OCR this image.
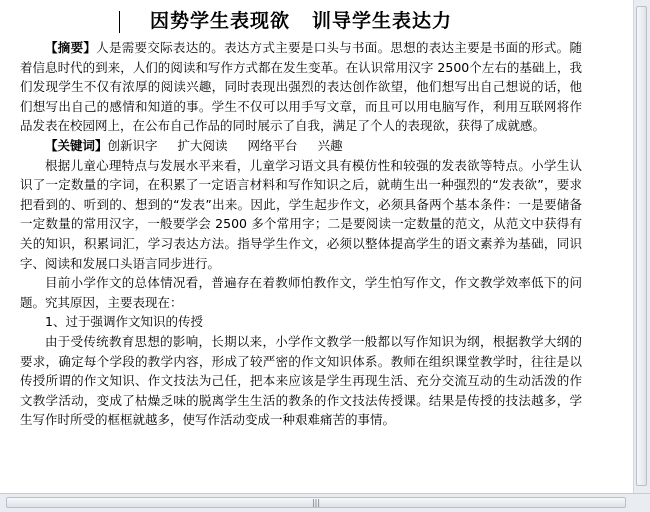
因势学生表现欲 训导学生表达力

【摘要】人是需要交际表达的。表达方式主要是口头与书面。思想的表达主要是书面的形式。随着信息时代的到来，人们的阅读和写作方式都在发生变革。在认识常用汉字 2500个左右的基础上，我们发现学生不仅有浓厚的阅读兴趣，同时表现出强烈的表达创作欲望，他们想写出自己想说的话，他们想写出自己的感情和知道的事。学生不仅可以用手写文章，而且可以用电脑写作，利用互联网将作品发表在校园网上，在公布自己作品的同时展示了自我，满足了个人的表现欲，获得了成就感。

【关键词】创新识字 扩大阅读 网络平台 兴趣

根据儿童心理特点与发展水平来看，儿童学习语文具有模仿性和较强的发表欲等特点。小学生认识了一定数量的字词，在积累了一定语言材料和写作知识之后，就萌生出一种强烈的“发表欲”，要求把看到的、听到的、想到的“发表”出来。因此，学生起步作文，必须具备两个基本条件：一是要储备一定数量的常用汉字，一般要学会 2500 多个常用字；二是要阅读一定数量的范文，从范文中获得有关的知识，积累词汇，学习表达方法。指导学生作文，必须以整体提高学生的语文素养为基础，同识字、阅读和发展口头语言同步进行。

目前小学作文的总体情况看，普遍存在着教师怕教作文，学生怕写作文，作文教学效率低下的问题。究其原因，主要表现在：

1、过于强调作文知识的传授

由于受传统教育思想的影响，长期以来，小学作文教学一般都以写作知识为纲，根据教学大纲的要求，确定每个学段的教学内容，形成了较严密的作文知识体系。教师在组织课堂教学时，往往是以传授所谓的作文知识、作文技法为己任，把本来应该是学生再现生活、充分交流互动的生动活泼的作文教学活动，变成了枯燥乏味的脱离学生生活的教条的作文技法传授课。结果是传授的技法越多，学生写作时所受的框框就越多，使写作活动变成一种艰难痛苦的事情。

|||
